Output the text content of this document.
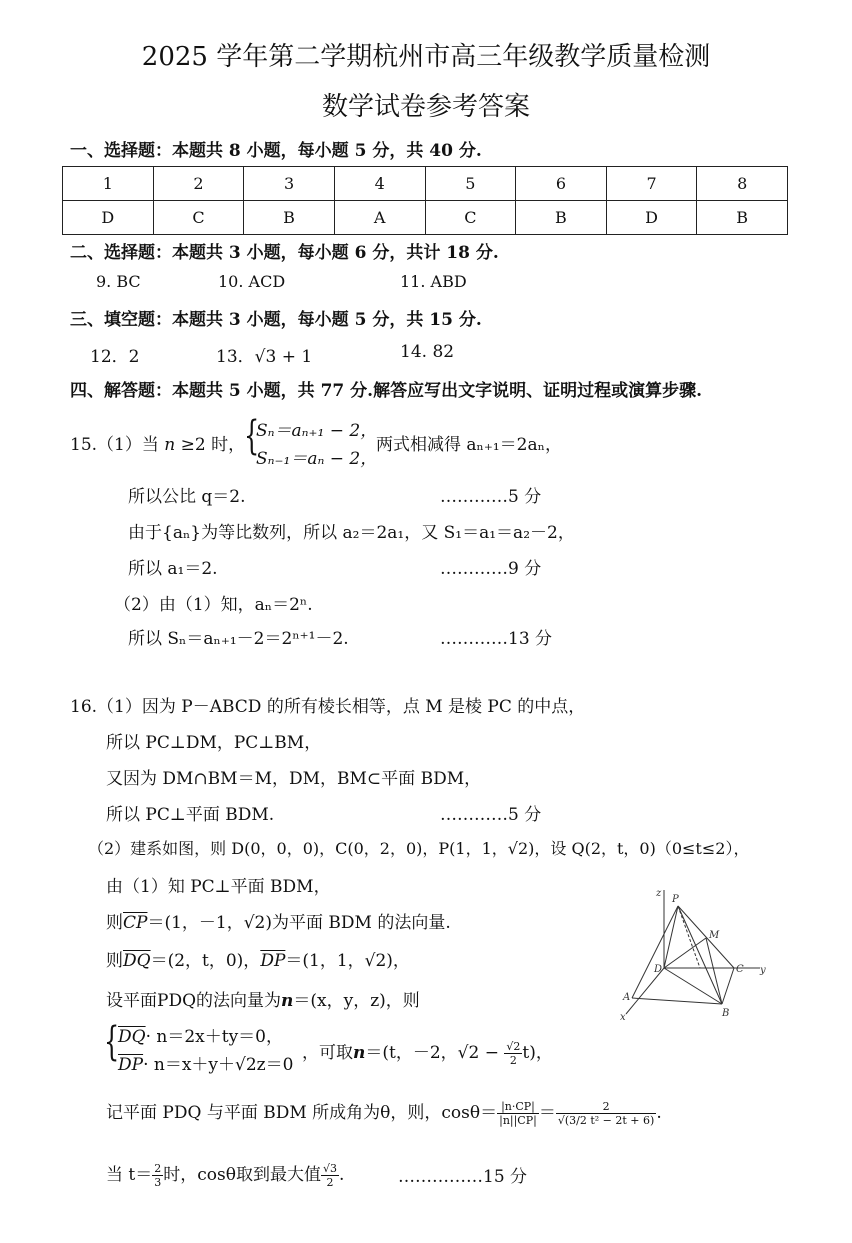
2025 学年第二学期杭州市高三年级教学质量检测
数学试卷参考答案
一、选择题：本题共 8 小题，每小题 5 分，共 40 分.
1	2	3	4	5	6	7	8
D	C	B	A	C	B	D	B
二、选择题：本题共 3 小题，每小题 6 分，共计 18 分.
9. BC	10. ACD	11. ABD
三、填空题：本题共 3 小题，每小题 5 分，共 15 分.
12．2	13．√3 + 1	14. 82
四、解答题：本题共 5 小题，共 77 分.解答应写出文字说明、证明过程或演算步骤.
15.（1）当 n ≥2 时，
{
Sₙ＝aₙ₊₁ − 2，
Sₙ₋₁＝aₙ − 2，
两式相减得 aₙ₊₁＝2aₙ，
所以公比 q＝2.	…………5 分
由于{aₙ}为等比数列，所以 a₂＝2a₁，又 S₁＝a₁＝a₂－2，
所以 a₁＝2.	…………9 分
（2）由（1）知，aₙ＝2ⁿ.
所以 Sₙ＝aₙ₊₁－2＝2ⁿ⁺¹－2.	…………13 分
16.（1）因为 P－ABCD 的所有棱长相等，点 M 是棱 PC 的中点，
所以 PC⊥DM，PC⊥BM，
又因为 DM∩BM＝M，DM，BM⊂平面 BDM，
所以 PC⊥平面 BDM.	…………5 分
（2）建系如图，则 D(0，0，0)，C(0，2，0)，P(1，1，√2)，设 Q(2，t，0)（0≤t≤2），
由（1）知 PC⊥平面 BDM，
则$\overline{CP}=(1$，－1，√2)为平面 BDM 的法向量.
则$\overline{DQ}=(2$，t，0)，$\overline{DP}=(1$，1，√2)，
设平面PDQ的法向量为n＝(x，y，z)，则
{
$\overline{DQ}\cdot n=2x+ty=0$，
$\overline{DP}\cdot n=x+y+√2z=0$
，可取n＝(t，－2，$√2 - \frac{√2}{2} t$)，
记平面 PDQ 与平面 BDM 所成角为θ，则，$\cos\theta= \frac{|n\cdot CP|}{|n||CP|} = \frac{2}{\text{√(3/2 t² − 2t + 6)}}$ .
当 $t= \frac{2}{3}$ 时，cosθ取到最大值 $\frac{√3}{2}$ .	……………15 分
z
P
M
D	C y
A
B
x
